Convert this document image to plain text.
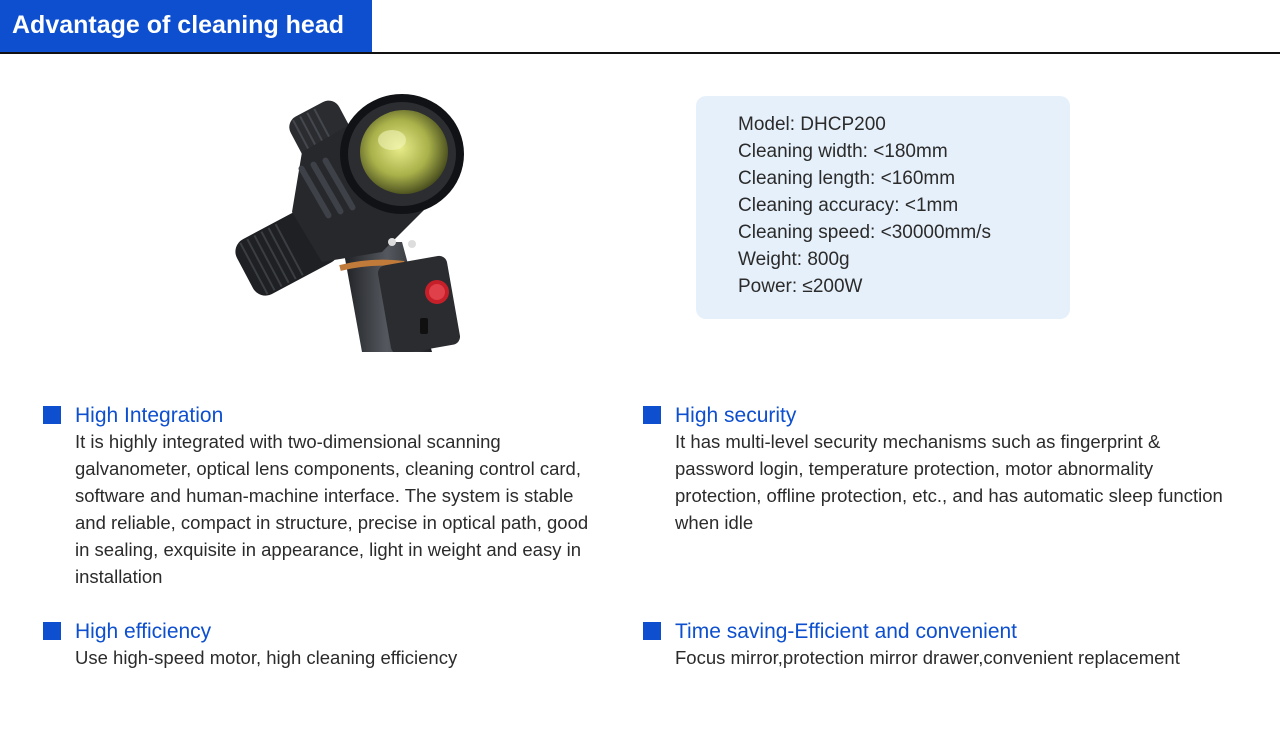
Advantage of cleaning head
Model: DHCP200
Cleaning width: <180mm
Cleaning length: <160mm
Cleaning accuracy: <1mm
Cleaning speed: <30000mm/s
Weight: 800g
Power: ≤200W
High Integration
It is highly integrated with two-dimensional scanning galvanometer, optical lens components, cleaning control card, software and human-machine interface. The system is stable and reliable, compact in structure, precise in optical path, good in sealing, exquisite in appearance, light in weight and easy in installation
High security
It has multi-level security mechanisms such as fingerprint & password login, temperature protection, motor abnormality protection, offline protection, etc., and has automatic sleep function when idle
High efficiency
Use high-speed motor, high cleaning efficiency
Time saving-Efficient and convenient
Focus mirror,protection mirror drawer,convenient replacement
